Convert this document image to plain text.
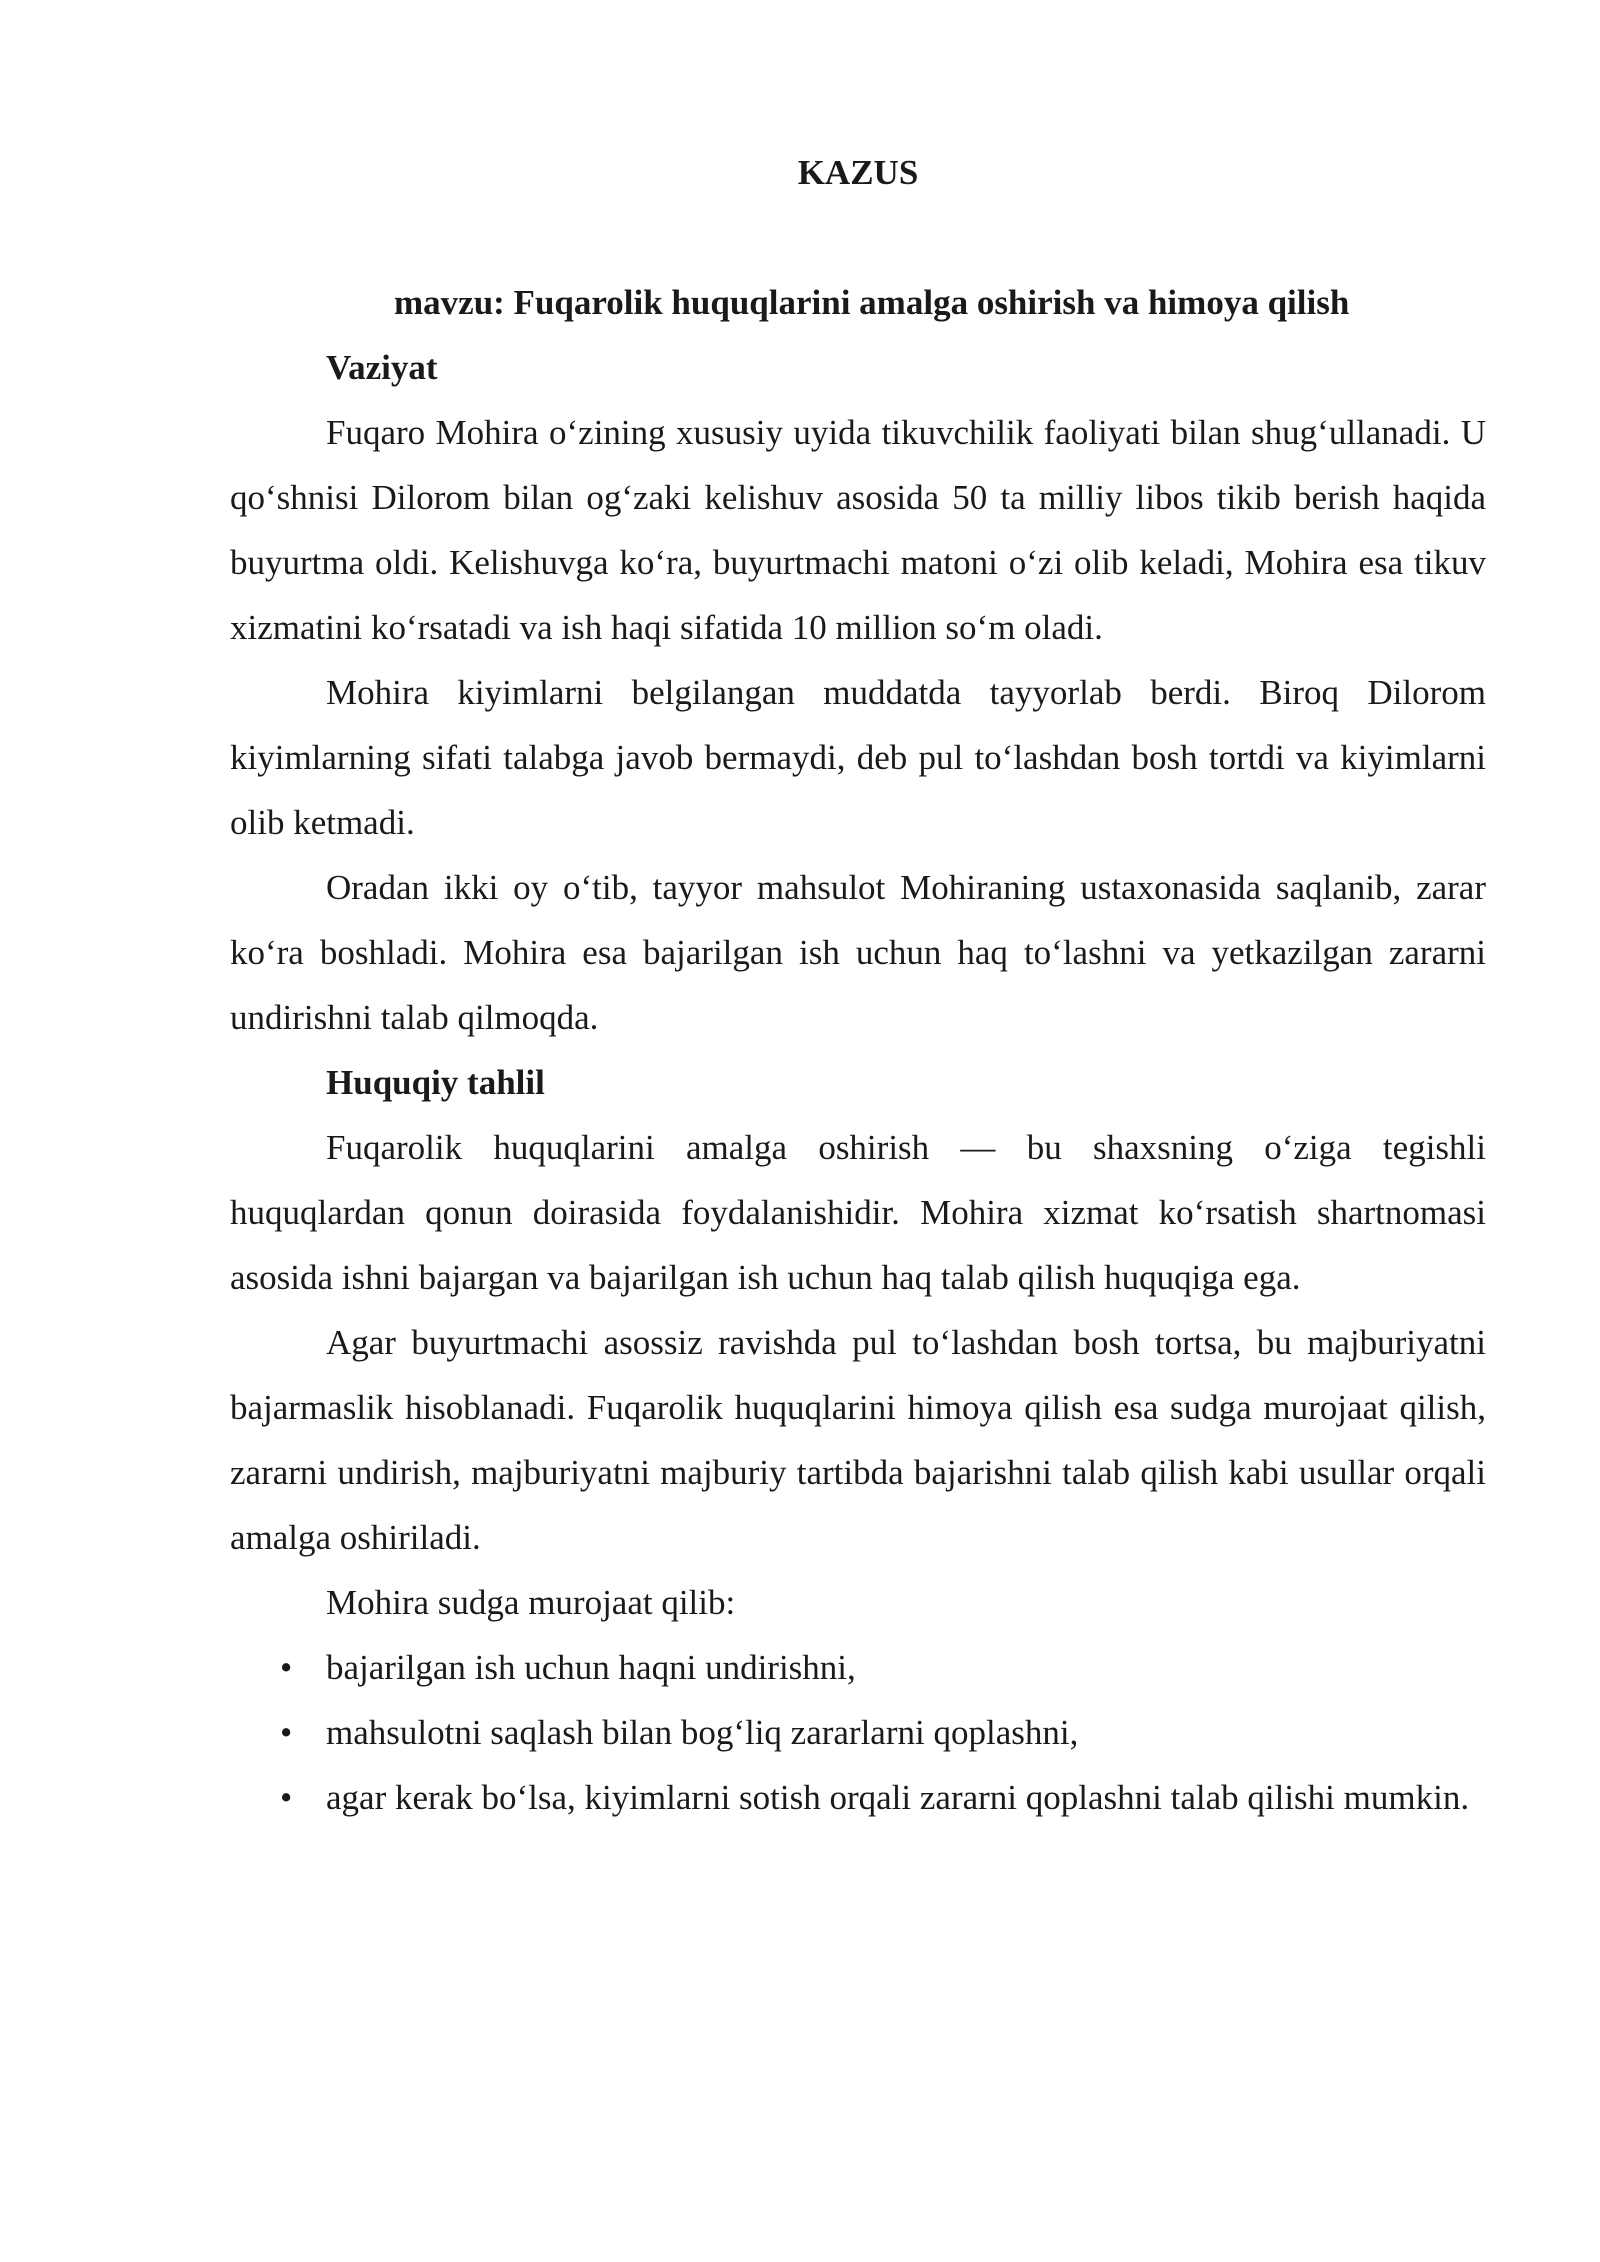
KAZUS
mavzu: Fuqarolik huquqlarini amalga oshirish va himoya qilish
Vaziyat

Fuqaro Mohira o‘zining xususiy uyida tikuvchilik faoliyati bilan shug‘ullanadi. U qo‘shnisi Dilorom bilan og‘zaki kelishuv asosida 50 ta milliy libos tikib berish haqida buyurtma oldi. Kelishuvga ko‘ra, buyurtmachi matoni o‘zi olib keladi, Mohira esa tikuv xizmatini ko‘rsatadi va ish haqi sifatida 10 million so‘m oladi.

Mohira kiyimlarni belgilangan muddatda tayyorlab berdi. Biroq Dilorom kiyimlarning sifati talabga javob bermaydi, deb pul to‘lashdan bosh tortdi va kiyimlarni olib ketmadi.

Oradan ikki oy o‘tib, tayyor mahsulot Mohiraning ustaxonasida saqlanib, zarar ko‘ra boshladi. Mohira esa bajarilgan ish uchun haq to‘lashni va yetkazilgan zararni undirishni talab qilmoqda.

Huquqiy tahlil

Fuqarolik huquqlarini amalga oshirish — bu shaxsning o‘ziga tegishli huquqlardan qonun doirasida foydalanishidir. Mohira xizmat ko‘rsatish shartnomasi asosida ishni bajargan va bajarilgan ish uchun haq talab qilish huquqiga ega.

Agar buyurtmachi asossiz ravishda pul to‘lashdan bosh tortsa, bu majburiyatni bajarmaslik hisoblanadi. Fuqarolik huquqlarini himoya qilish esa sudga murojaat qilish, zararni undirish, majburiyatni majburiy tartibda bajarishni talab qilish kabi usullar orqali amalga oshiriladi.

Mohira sudga murojaat qilib:

• bajarilgan ish uchun haqni undirishni,
• mahsulotni saqlash bilan bog‘liq zararlarni qoplashni,
• agar kerak bo‘lsa, kiyimlarni sotish orqali zararni qoplashni talab qilishi mumkin.
